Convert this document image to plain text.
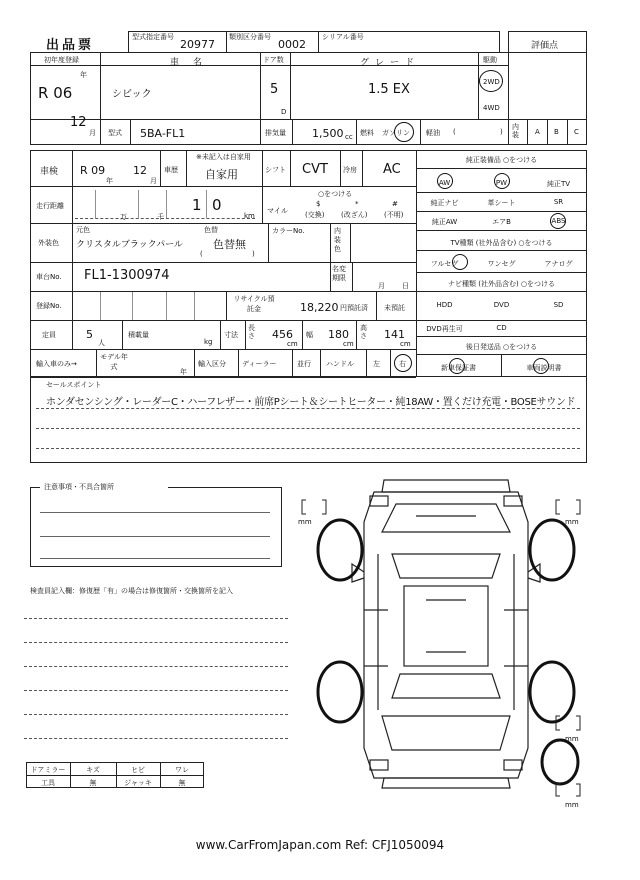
出品票
型式指定番号
20977
類別区分番号
0002
シリアル番号
評価点
初年度登録
年
R 06
12
月
車名
シビック
ドア数
5
D
グレード
1.5 EX
駆動
2WD
4WD
型式 5BA-FL1	排気量 1,500 cc 燃料 ガソリン 軽油 (	)
内装	A B C
車検 R 09
年
12
月
車歴
※未記入は自家用
自家用	シフト CVT 冷房 AC
走行距離
万	千
1 0
km
○をつける
マイル
$
(交換)
*
(改ざん)
#
(不明)
外装色
元色
クリスタルブラックパール
色替
色替無
(	)
カラーNo.	内装色
車台No. FL1-1300974	名変期限
月 日
登録No.
リサイクル預託金	18,220 円預託済 未預託
定員	5
人
積載量
kg
寸法
長さ 456
cm
幅 180
cm
高さ 141
cm
輸入車のみ→
モデル年式
年
輸入区分 ディーラー	並行 ハンドル	左	右
純正装備品 ○をつける
AW	PW	純正TV
純正ナビ	革シート	SR
純正AW	エアB	ABS
TV種類 (社外品含む) ○をつける
フルセグ	ワンセグ	アナログ
ナビ種類 (社外品含む) ○をつける
HDD	DVD	SD
DVD再生可	CD
後日発送品 ○をつける
新車保証書	車両説明書
セールスポイント
ホンダセンシング・レーダーC・ハーフレザー・前席Pシート＆シートヒーター・純18AW・置くだけ充電・BOSEサウンド
注意事項・不具合箇所
検査員記入欄：修復歴「有」の場合は修復箇所・交換箇所を記入
ドアミラー	キズ	ヒビ	ワレ
工具	無	ジャッキ	無
mm	mm
mm
mm
www.CarFromJapan.com Ref: CFJ1050094
